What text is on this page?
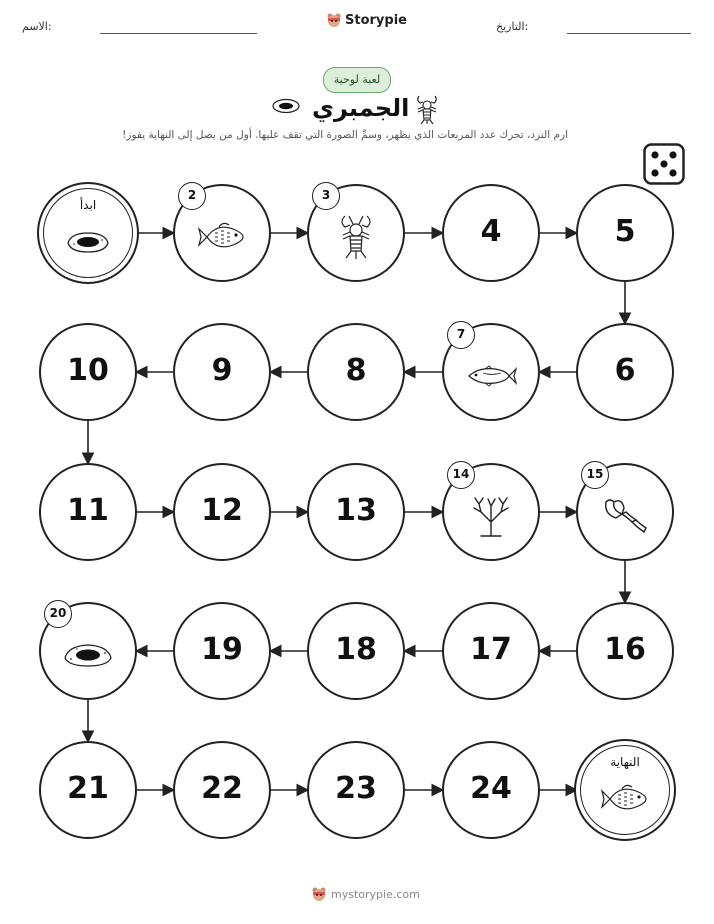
الاسم:	Storypie	التاريخ:
لعبة لوحية
الجمبري
ارم النرد، تحرك عدد المربعات الذي يظهر، وسمِّ الصورة التي تقف عليها. أول من يصل إلى النهاية يفوز!
ابدأ
2	3
4	5
6
7
8
9
10
11	12	13
14	15
16
17
18
19
20
21	22	23	24
النهاية
mystorypie.com
